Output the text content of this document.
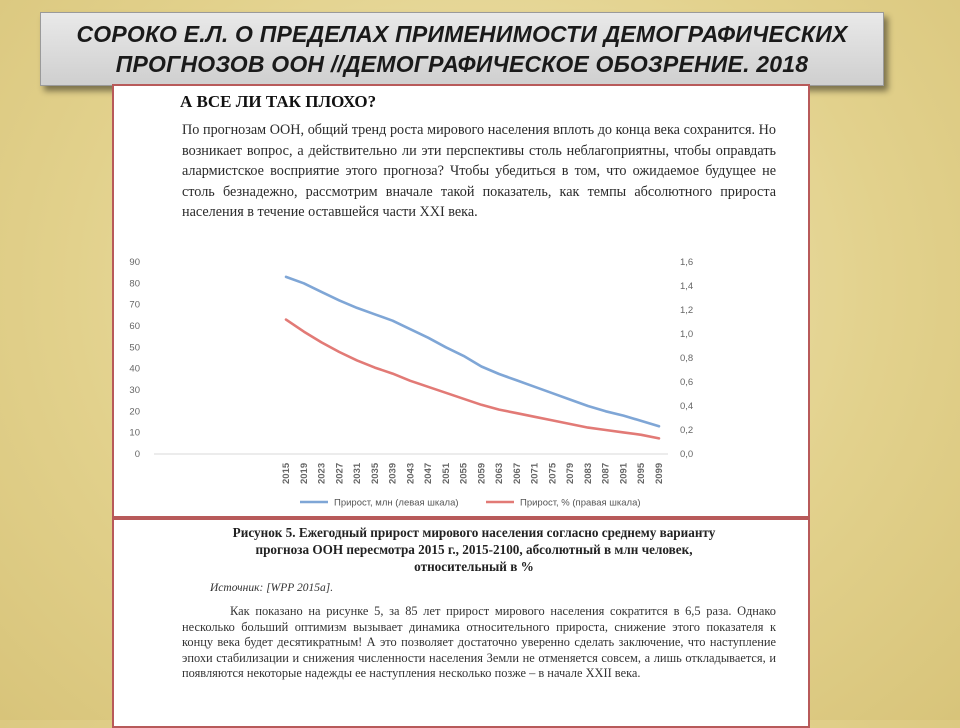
СОРОКО Е.Л. О ПРЕДЕЛАХ ПРИМЕНИМОСТИ ДЕМОГРАФИЧЕСКИХ
ПРОГНОЗОВ ООН //ДЕМОГРАФИЧЕСКОЕ ОБОЗРЕНИЕ. 2018
А ВСЕ ЛИ ТАК ПЛОХО?
По прогнозам ООН, общий тренд роста мирового населения вплоть до конца века сохранится. Но возникает вопрос, а действительно ли эти перспективы столь неблагоприятны, чтобы оправдать алармистское восприятие этого прогноза? Чтобы убедиться в том, что ожидаемое будущее не столь безнадежно, рассмотрим вначале такой показатель, как темпы абсолютного прироста населения в течение оставшейся части XXI века.
0
10
20
30
40
50
60
70
80
90
0,0
0,2
0,4
0,6
0,8
1,0
1,2
1,4
1,6
2015 2019 2023 2027 2031 2035 2039 2043 2047 2051 2055 2059 2063 2067 2071 2075 2079 2083 2087 2091 2095 2099
Прирост, млн (левая шкала)	Прирост, % (правая шкала)
Рисунок 5. Ежегодный прирост мирового населения согласно среднему варианту
прогноза ООН пересмотра 2015 г., 2015-2100, абсолютный в млн человек,
относительный в %
Источник: [WPP 2015a].
Как показано на рисунке 5, за 85 лет прирост мирового населения сократится в 6,5 раза. Однако несколько больший оптимизм вызывает динамика относительного прироста, снижение этого показателя к концу века будет десятикратным! А это позволяет достаточно уверенно сделать заключение, что наступление эпохи стабилизации и снижения численности населения Земли не отменяется совсем, а лишь откладывается, и появляются некоторые надежды ее наступления несколько позже – в начале XXII века.
